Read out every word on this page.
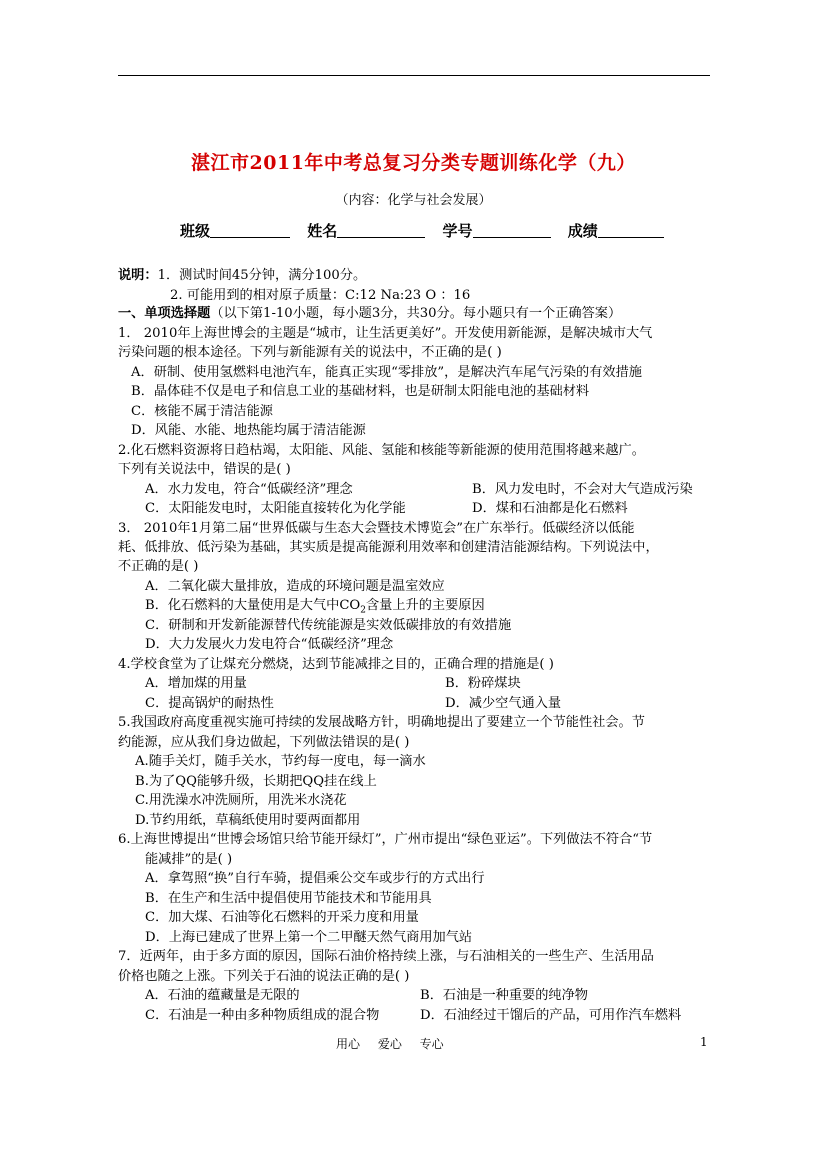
湛江市2011年中考总复习分类专题训练化学（九）
（内容：化学与社会发展）
班级	姓名	学号	成绩
说明：1．测试时间45分钟，满分100分。
2. 可能用到的相对原子质量：C:12 Na:23 O ：16
一、单项选择题（以下第1-10小题，每小题3分，共30分。每小题只有一个正确答案）
1． 2010年上海世博会的主题是“城市，让生活更美好”。开发使用新能源，是解决城市大气
污染问题的根本途径。下列与新能源有关的说法中，不正确的是( )
A．研制、使用氢燃料电池汽车，能真正实现“零排放”，是解决汽车尾气污染的有效措施
B．晶体硅不仅是电子和信息工业的基础材料，也是研制太阳能电池的基础材料
C．核能不属于清洁能源
D．风能、水能、地热能均属于清洁能源
2.化石燃料资源将日趋枯竭，太阳能、风能、氢能和核能等新能源的使用范围将越来越广。
下列有关说法中，错误的是( )
A．水力发电，符合“低碳经济”理念	B．风力发电时，不会对大气造成污染
C．太阳能发电时，太阳能直接转化为化学能	D．煤和石油都是化石燃料
3． 2010年1月第二届“世界低碳与生态大会暨技术博览会”在广东举行。低碳经济以低能
耗、低排放、低污染为基础，其实质是提高能源利用效率和创建清洁能源结构。下列说法中，
不正确的是( )
A．二氧化碳大量排放，造成的环境问题是温室效应
B．化石燃料的大量使用是大气中$CO_2$含量上升的主要原因
C．研制和开发新能源替代传统能源是实效低碳排放的有效措施
D．大力发展火力发电符合“低碳经济”理念
4.学校食堂为了让煤充分燃烧，达到节能减排之目的，正确合理的措施是( )
A．增加煤的用量	B．粉碎煤块
C．提高锅炉的耐热性	D．减少空气通入量
5.我国政府高度重视实施可持续的发展战略方针，明确地提出了要建立一个节能性社会。节
约能源，应从我们身边做起，下列做法错误的是( )
A.随手关灯，随手关水，节约每一度电，每一滴水
B.为了QQ能够升级，长期把QQ挂在线上
C.用洗澡水冲洗厕所，用洗米水浇花
D.节约用纸，草稿纸使用时要两面都用
6.上海世博提出“世博会场馆只给节能开绿灯”，广州市提出“绿色亚运”。下列做法不符合“节
能减排”的是( )
A．拿驾照“换”自行车骑，提倡乘公交车或步行的方式出行
B．在生产和生活中提倡使用节能技术和节能用具
C．加大煤、石油等化石燃料的开采力度和用量
D．上海已建成了世界上第一个二甲醚天然气商用加气站
7．近两年，由于多方面的原因，国际石油价格持续上涨，与石油相关的一些生产、生活用品
价格也随之上涨。下列关于石油的说法正确的是( )
A．石油的蕴藏量是无限的	B．石油是一种重要的纯净物
C．石油是一种由多种物质组成的混合物	D．石油经过干馏后的产品，可用作汽车燃料
用心 爱心 专心	1
